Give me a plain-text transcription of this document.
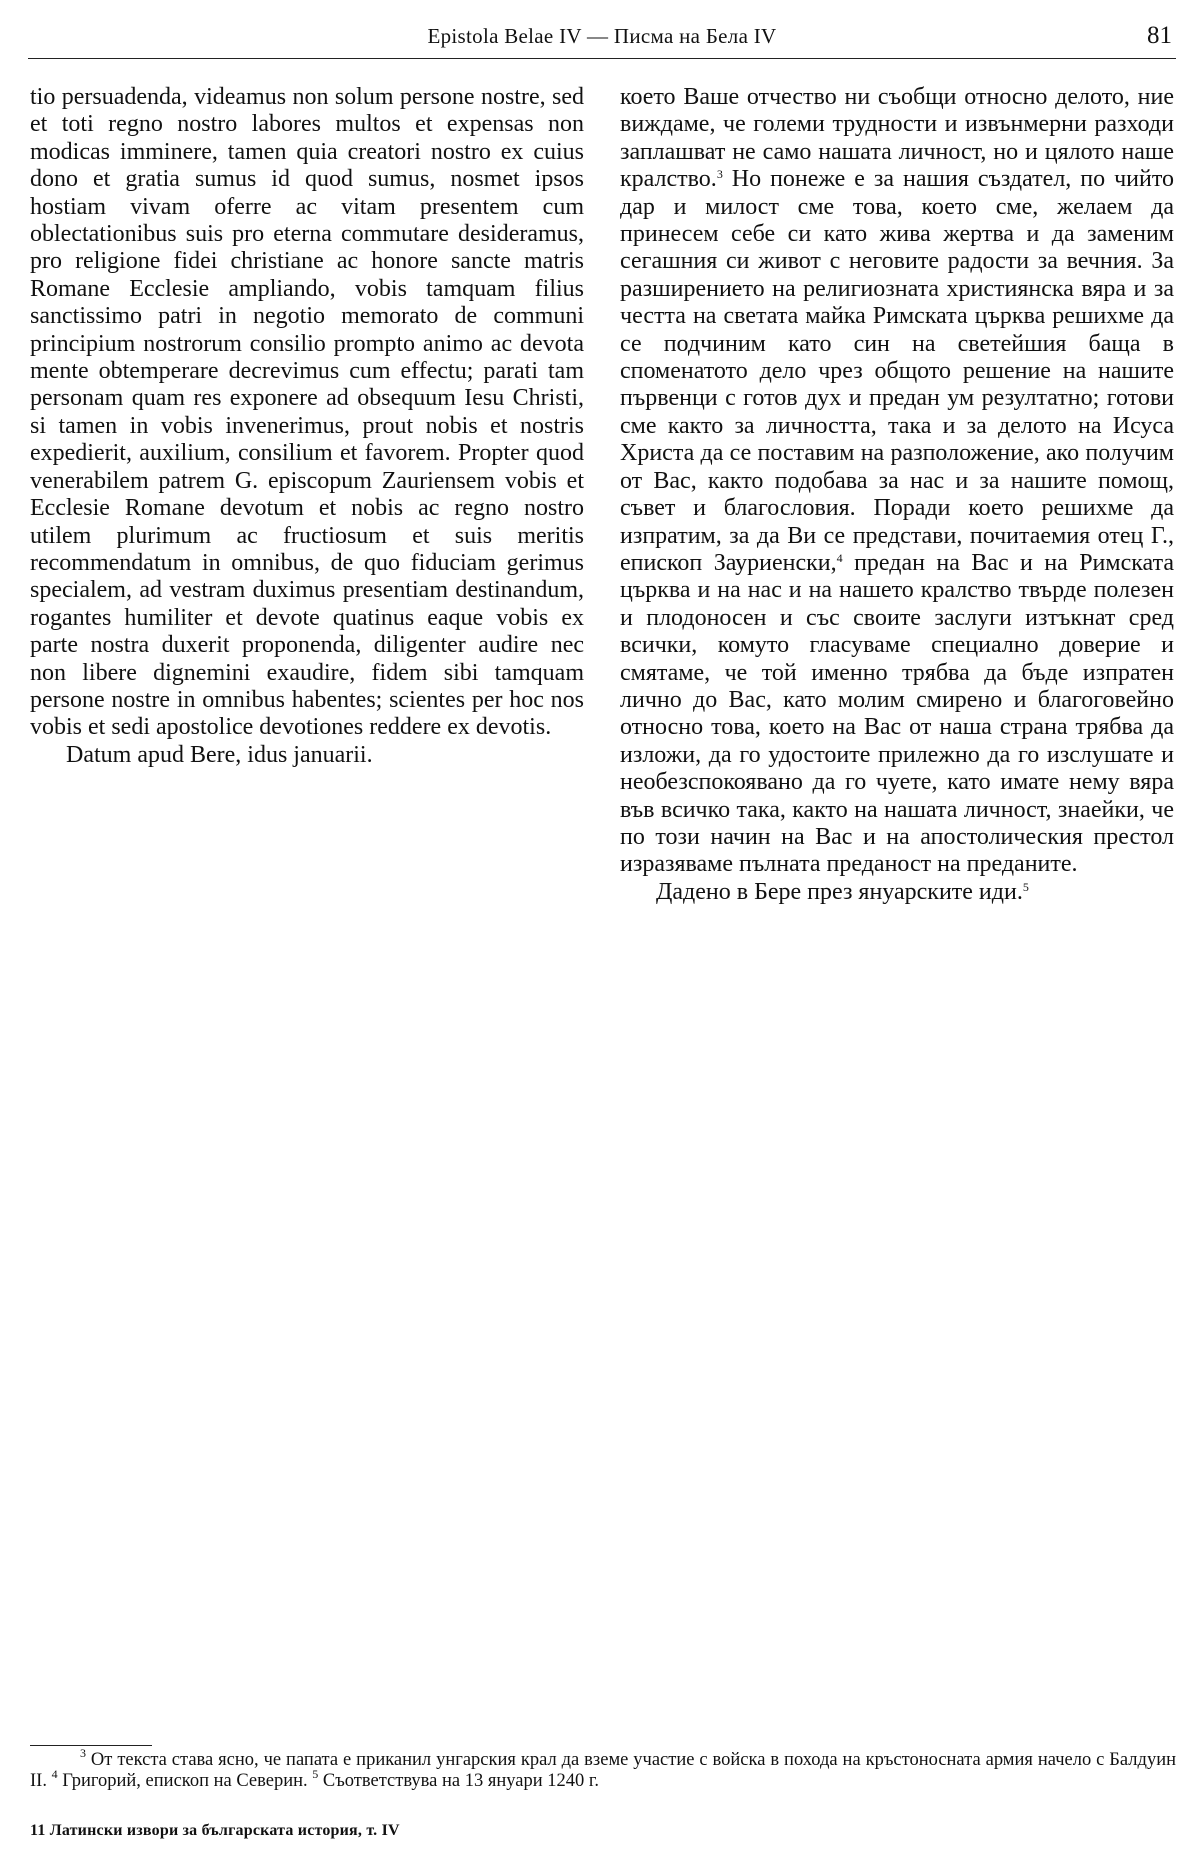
Epistola Belae IV — Писма на Бела IV	81

tio persuadenda, videamus non solum persone nostre, sed et toti regno nostro labores multos et expensas non modicas imminere, tamen quia creatori nostro ex cuius dono et gratia sumus id quod sumus, nosmet ipsos hostiam vivam oferre ac vitam presentem cum oblectationibus suis pro eterna commutare desideramus, pro religione fidei christiane ac honore sancte matris Romane Ecclesie ampliando, vobis tamquam filius sanctissimo patri in negotio memorato de communi principium nostrorum consilio prompto animo ac devota mente obtemperare decrevimus cum effectu; parati tam personam quam res exponere ad obsequum Iesu Christi, si tamen in vobis invenerimus, prout nobis et nostris expedierit, auxilium, consilium et favorem. Propter quod venerabilem patrem G. episcopum Zauriensem vobis et Ecclesie Romane devotum et nobis ac regno nostro utilem plurimum ac fructiosum et suis meritis recommendatum in omnibus, de quo fiduciam gerimus specialem, ad vestram duximus presentiam destinandum, rogantes humiliter et devote quatinus eaque vobis ex parte nostra duxerit proponenda, diligenter audire nec non libere dignemini exaudire, fidem sibi tamquam persone nostre in omnibus habentes; scientes per hoc nos vobis et sedi apostolice devotiones reddere ex devotis.

Datum apud Bere, idus januarii.

което Ваше отчество ни съобщи относно делото, ние виждаме, че големи трудности и извънмерни разходи заплашват не само нашата личност, но и цялото наше кралство.$^3$ Но понеже е за нашия създател, по чийто дар и милост сме това, което сме, желаем да принесем себе си като жива жертва и да заменим сегашния си живот с неговите радости за вечния. За разширението на религиозната християнска вяра и за честта на светата майка Римската църква решихме да се подчиним като син на светейшия баща в споменатото дело чрез общото решение на нашите първенци с готов дух и предан ум резултатно; готови сме както за личността, така и за делото на Исуса Христа да се поставим на разположение, ако получим от Вас, както подобава за нас и за нашите помощ, съвет и благословия. Поради което решихме да изпратим, за да Ви се представи, почитаемия отец Г., епископ Зауриенски,$^4$ предан на Вас и на Римската църква и на нас и на нашето кралство твърде полезен и плодоносен и със своите заслуги изтъкнат сред всички, комуто гласуваме специално доверие и смятаме, че той именно трябва да бъде изпратен лично до Вас, като молим смирено и благоговейно относно това, което на Вас от наша страна трябва да изложи, да го удостоите прилежно да го изслушате и необезспокоявано да го чуете, като имате нему вяра във всичко така, както на нашата личност, знаейки, че по този начин на Вас и на апостолическия престол изразяваме пълната преданост на преданите.

Дадено в Бере през януарските иди.$^5$

$^3$ От текста става ясно, че папата е приканил унгарския крал да вземе участие с войска в похода на кръстоносната армия начело с Балдуин II. $^4$ Григорий, епископ на Северин. $^5$ Съответствува на 13 януари 1240 г.

11 Латински извори за българската история, т. IV
